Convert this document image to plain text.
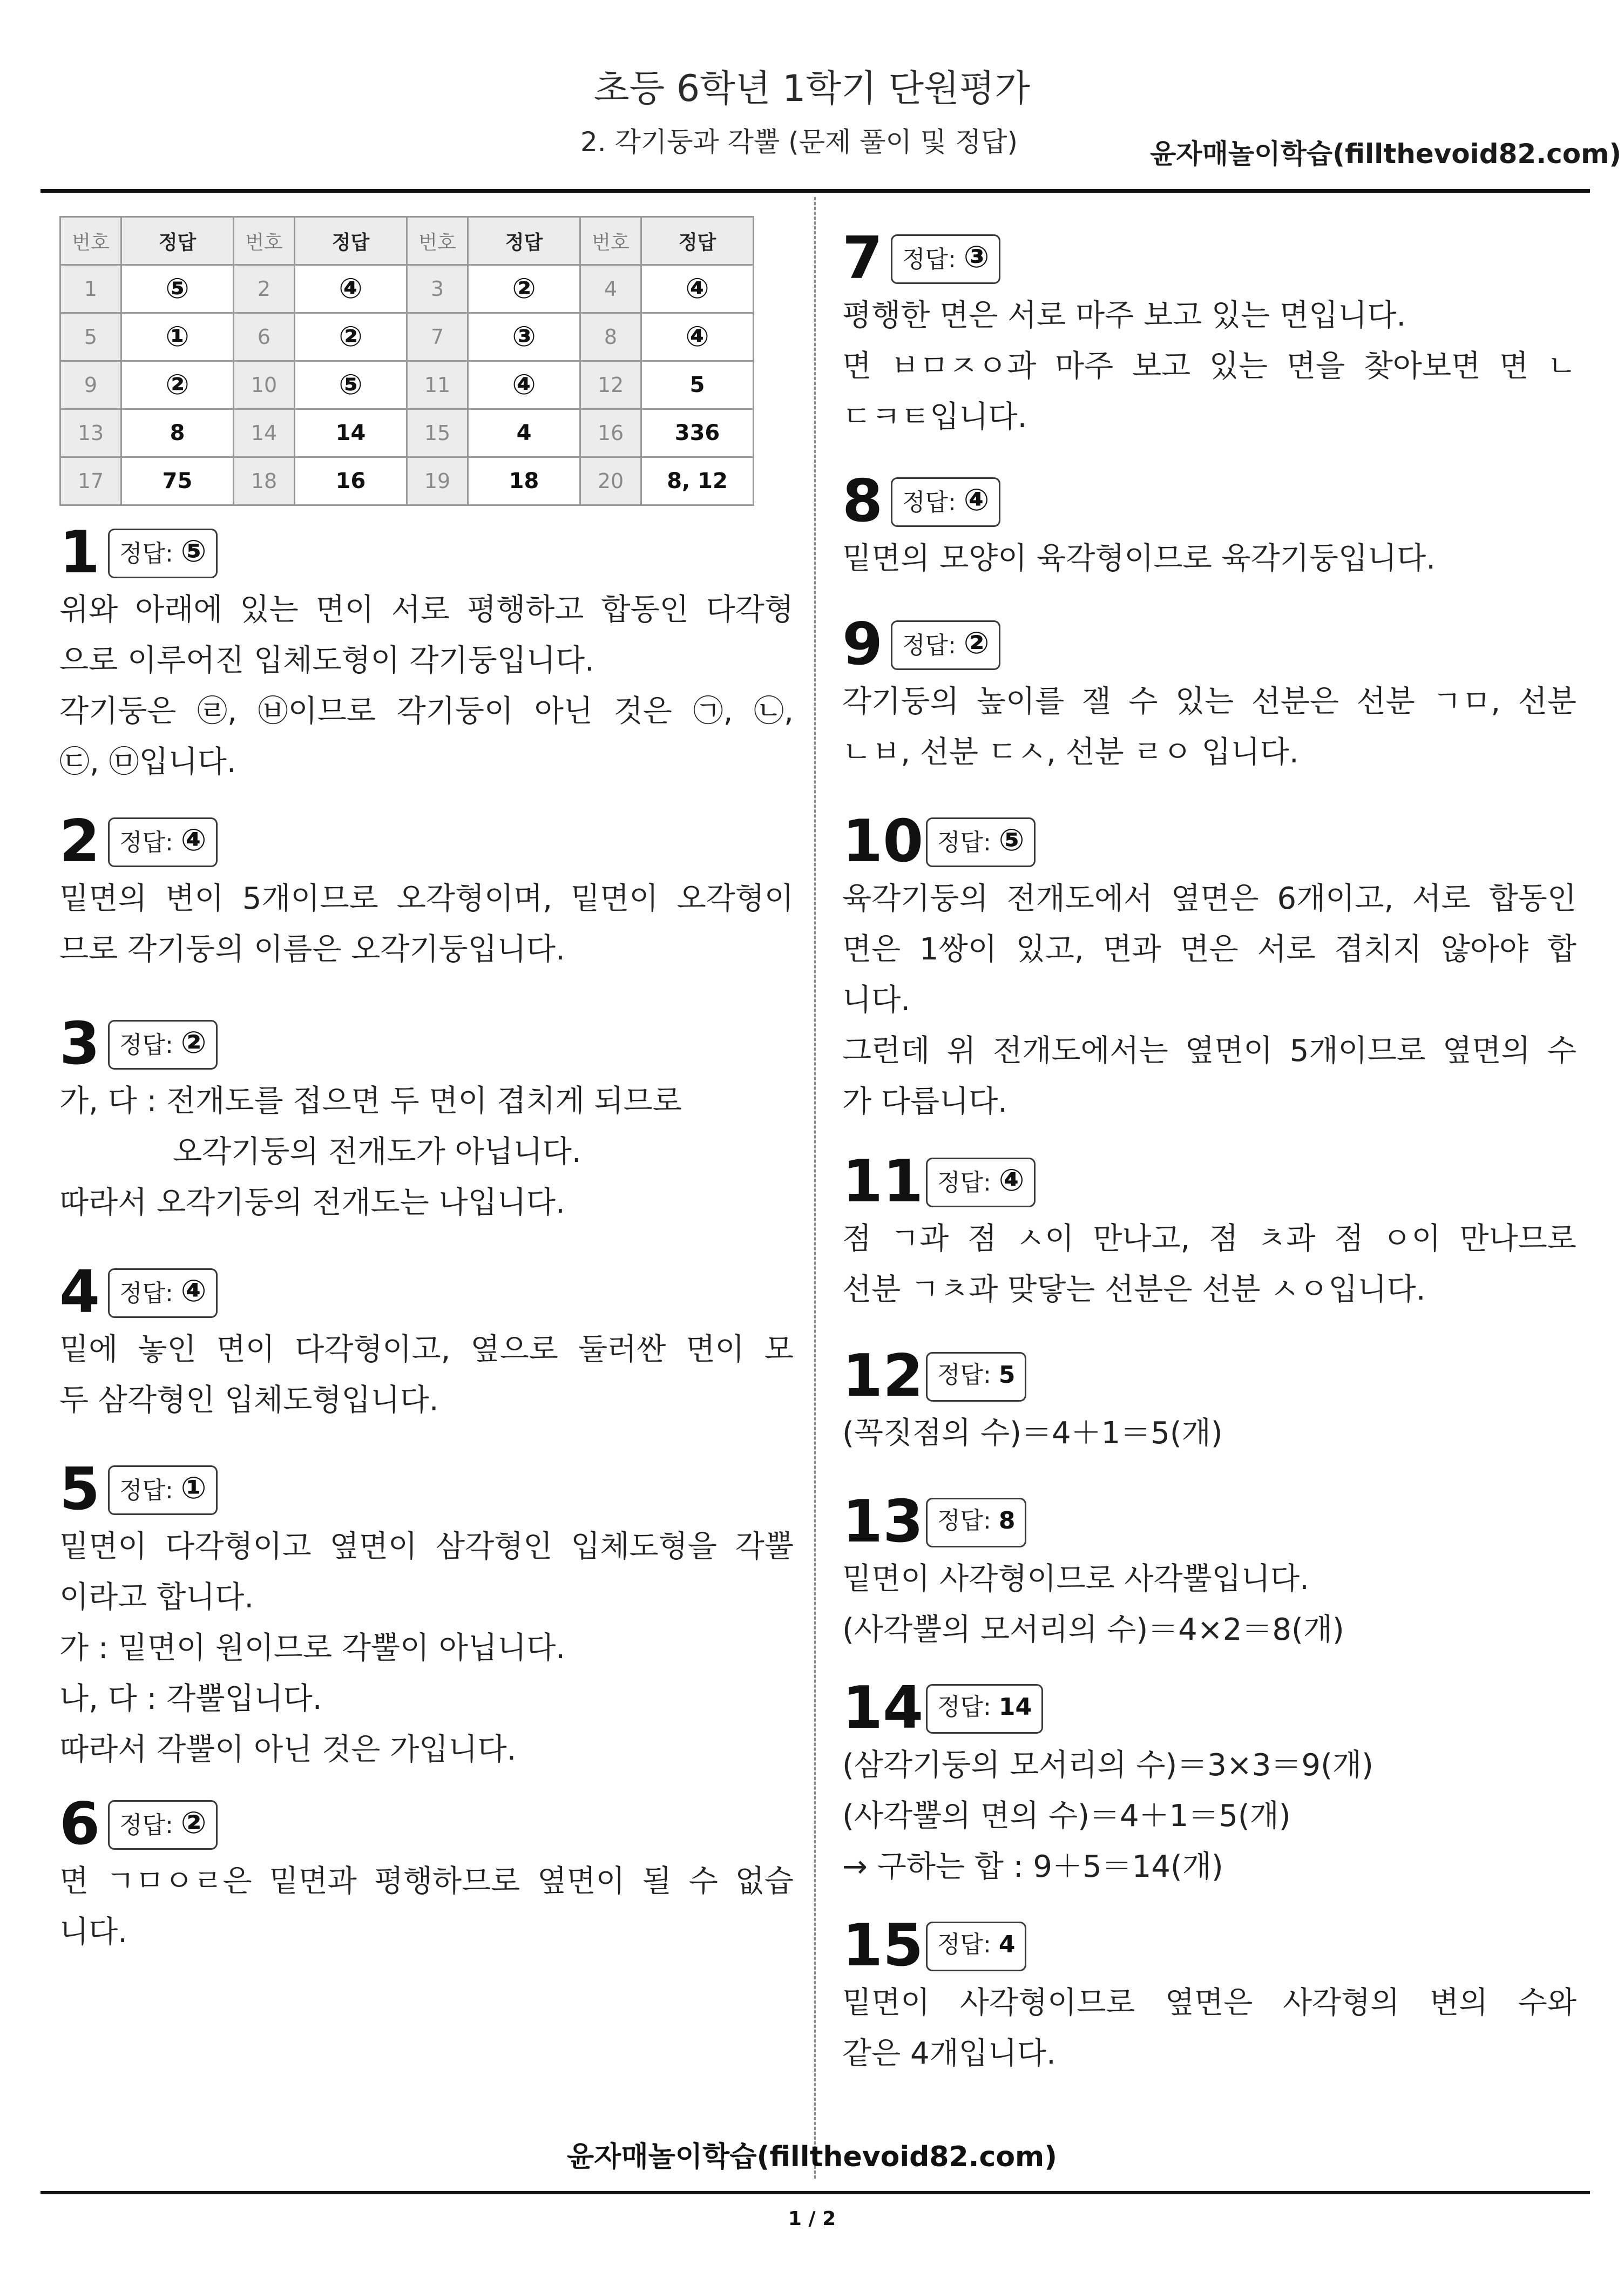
초등 6학년 1학기 단원평가
2. 각기둥과 각뿔 (문제 풀이 및 정답)	윤자매놀이학습(fillthevoid82.com)
번호	정답	번호	정답	번호	정답	번호	정답
1	⑤	2	④	3	②	4	④
5	①	6	②	7	③	8	④
9	②	10	⑤	11	④	12	5
13	8	14	14	15	4	16	336
17	75	18	16	19	18	20	8, 12
1 정답: ⑤
위와 아래에 있는 면이 서로 평행하고 합동인 다각형
으로 이루어진 입체도형이 각기둥입니다.
각기둥은 ㉣, ㉥이므로 각기둥이 아닌 것은 ㉠, ㉡,
㉢, ㉤입니다.
2 정답: ④
밑면의 변이 5개이므로 오각형이며, 밑면이 오각형이
므로 각기둥의 이름은 오각기둥입니다.
3 정답: ②
가, 다 : 전개도를 접으면 두 면이 겹치게 되므로
오각기둥의 전개도가 아닙니다.
따라서 오각기둥의 전개도는 나입니다.
4 정답: ④
밑에 놓인 면이 다각형이고, 옆으로 둘러싼 면이 모
두 삼각형인 입체도형입니다.
5 정답: ①
밑면이 다각형이고 옆면이 삼각형인 입체도형을 각뿔
이라고 합니다.
가 : 밑면이 원이므로 각뿔이 아닙니다.
나, 다 : 각뿔입니다.
따라서 각뿔이 아닌 것은 가입니다.
6 정답: ②
면 ㄱㅁㅇㄹ은 밑면과 평행하므로 옆면이 될 수 없습
니다.
7 정답: ③
평행한 면은 서로 마주 보고 있는 면입니다.
면 ㅂㅁㅈㅇ과 마주 보고 있는 면을 찾아보면 면 ㄴ
ㄷㅋㅌ입니다.
8 정답: ④
밑면의 모양이 육각형이므로 육각기둥입니다.
9 정답: ②
각기둥의 높이를 잴 수 있는 선분은 선분 ㄱㅁ, 선분
ㄴㅂ, 선분 ㄷㅅ, 선분 ㄹㅇ 입니다.
10 정답: ⑤
육각기둥의 전개도에서 옆면은 6개이고, 서로 합동인
면은 1쌍이 있고, 면과 면은 서로 겹치지 않아야 합
니다.
그런데 위 전개도에서는 옆면이 5개이므로 옆면의 수
가 다릅니다.
11 정답: ④
점 ㄱ과 점 ㅅ이 만나고, 점 ㅊ과 점 ㅇ이 만나므로
선분 ㄱㅊ과 맞닿는 선분은 선분 ㅅㅇ입니다.
12 정답: 5
(꼭짓점의 수)＝4＋1＝5(개)
13 정답: 8
밑면이 사각형이므로 사각뿔입니다.
(사각뿔의 모서리의 수)＝4×2＝8(개)
14 정답: 14
(삼각기둥의 모서리의 수)＝3×3＝9(개)
(사각뿔의 면의 수)＝4＋1＝5(개)
→ 구하는 합 : 9＋5＝14(개)
15 정답: 4
밑면이 사각형이므로 옆면은 사각형의 변의 수와
같은 4개입니다.
윤자매놀이학습(fillthevoid82.com)
1 / 2
